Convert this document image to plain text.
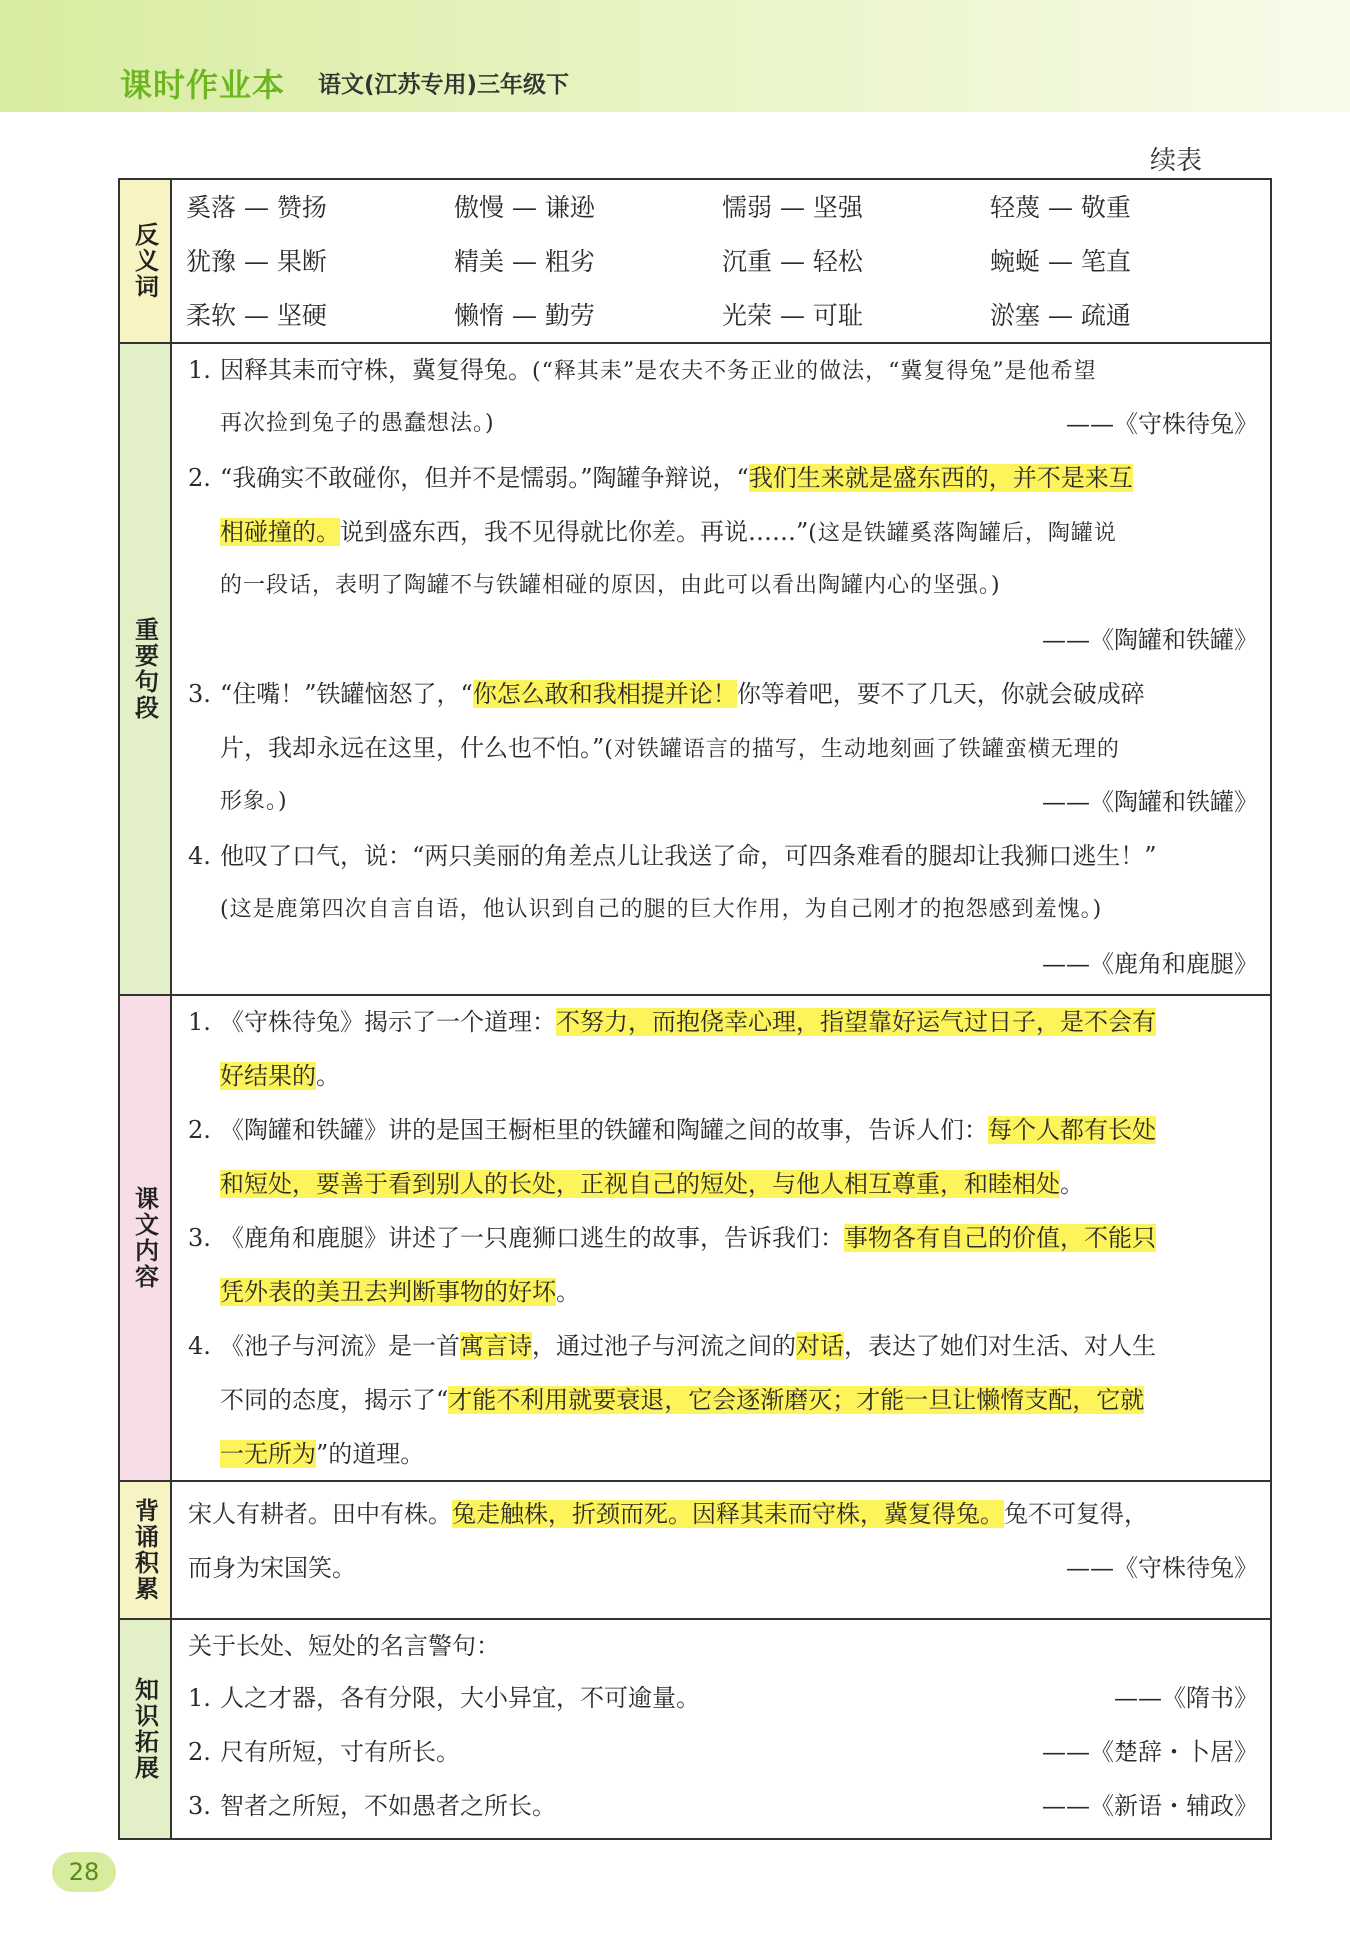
课时作业本 语文(江苏专用)三年级下
续表
反义词
奚落 — 赞扬	傲慢 — 谦逊	懦弱 — 坚强	轻蔑 — 敬重
犹豫 — 果断	精美 — 粗劣	沉重 — 轻松	蜿蜒 — 笔直
柔软 — 坚硬	懒惰 — 勤劳	光荣 — 可耻	淤塞 — 疏通
重要句段
1. 因释其耒而守株，冀复得兔。(“释其耒”是农夫不务正业的做法，“冀复得兔”是他希望
再次捡到兔子的愚蠢想法。)	——《守株待兔》
2. “我确实不敢碰你，但并不是懦弱。”陶罐争辩说，“我们生来就是盛东西的，并不是来互
相碰撞的。说到盛东西，我不见得就比你差。再说……”(这是铁罐奚落陶罐后，陶罐说
的一段话，表明了陶罐不与铁罐相碰的原因，由此可以看出陶罐内心的坚强。)
——《陶罐和铁罐》
3. “住嘴！”铁罐恼怒了，“你怎么敢和我相提并论！你等着吧，要不了几天，你就会破成碎
片，我却永远在这里，什么也不怕。”(对铁罐语言的描写，生动地刻画了铁罐蛮横无理的
形象。)	——《陶罐和铁罐》
4. 他叹了口气，说：“两只美丽的角差点儿让我送了命，可四条难看的腿却让我狮口逃生！”
(这是鹿第四次自言自语，他认识到自己的腿的巨大作用，为自己刚才的抱怨感到羞愧。)
——《鹿角和鹿腿》
课文内容
1. 《守株待兔》揭示了一个道理：不努力，而抱侥幸心理，指望靠好运气过日子，是不会有
好结果的。
2. 《陶罐和铁罐》讲的是国王橱柜里的铁罐和陶罐之间的故事，告诉人们：每个人都有长处
和短处，要善于看到别人的长处，正视自己的短处，与他人相互尊重，和睦相处。
3. 《鹿角和鹿腿》讲述了一只鹿狮口逃生的故事，告诉我们：事物各有自己的价值，不能只
凭外表的美丑去判断事物的好坏。
4. 《池子与河流》是一首寓言诗，通过池子与河流之间的对话，表达了她们对生活、对人生
不同的态度，揭示了“才能不利用就要衰退，它会逐渐磨灭；才能一旦让懒惰支配，它就
一无所为”的道理。
背诵积累 宋人有耕者。田中有株。兔走触株，折颈而死。因释其耒而守株，冀复得兔。兔不可复得，
而身为宋国笑。	——《守株待兔》
知识拓展
关于长处、短处的名言警句：
1. 人之才器，各有分限，大小异宜，不可逾量。	——《隋书》
2. 尺有所短，寸有所长。	——《楚辞・卜居》
3. 智者之所短，不如愚者之所长。	——《新语・辅政》
28
